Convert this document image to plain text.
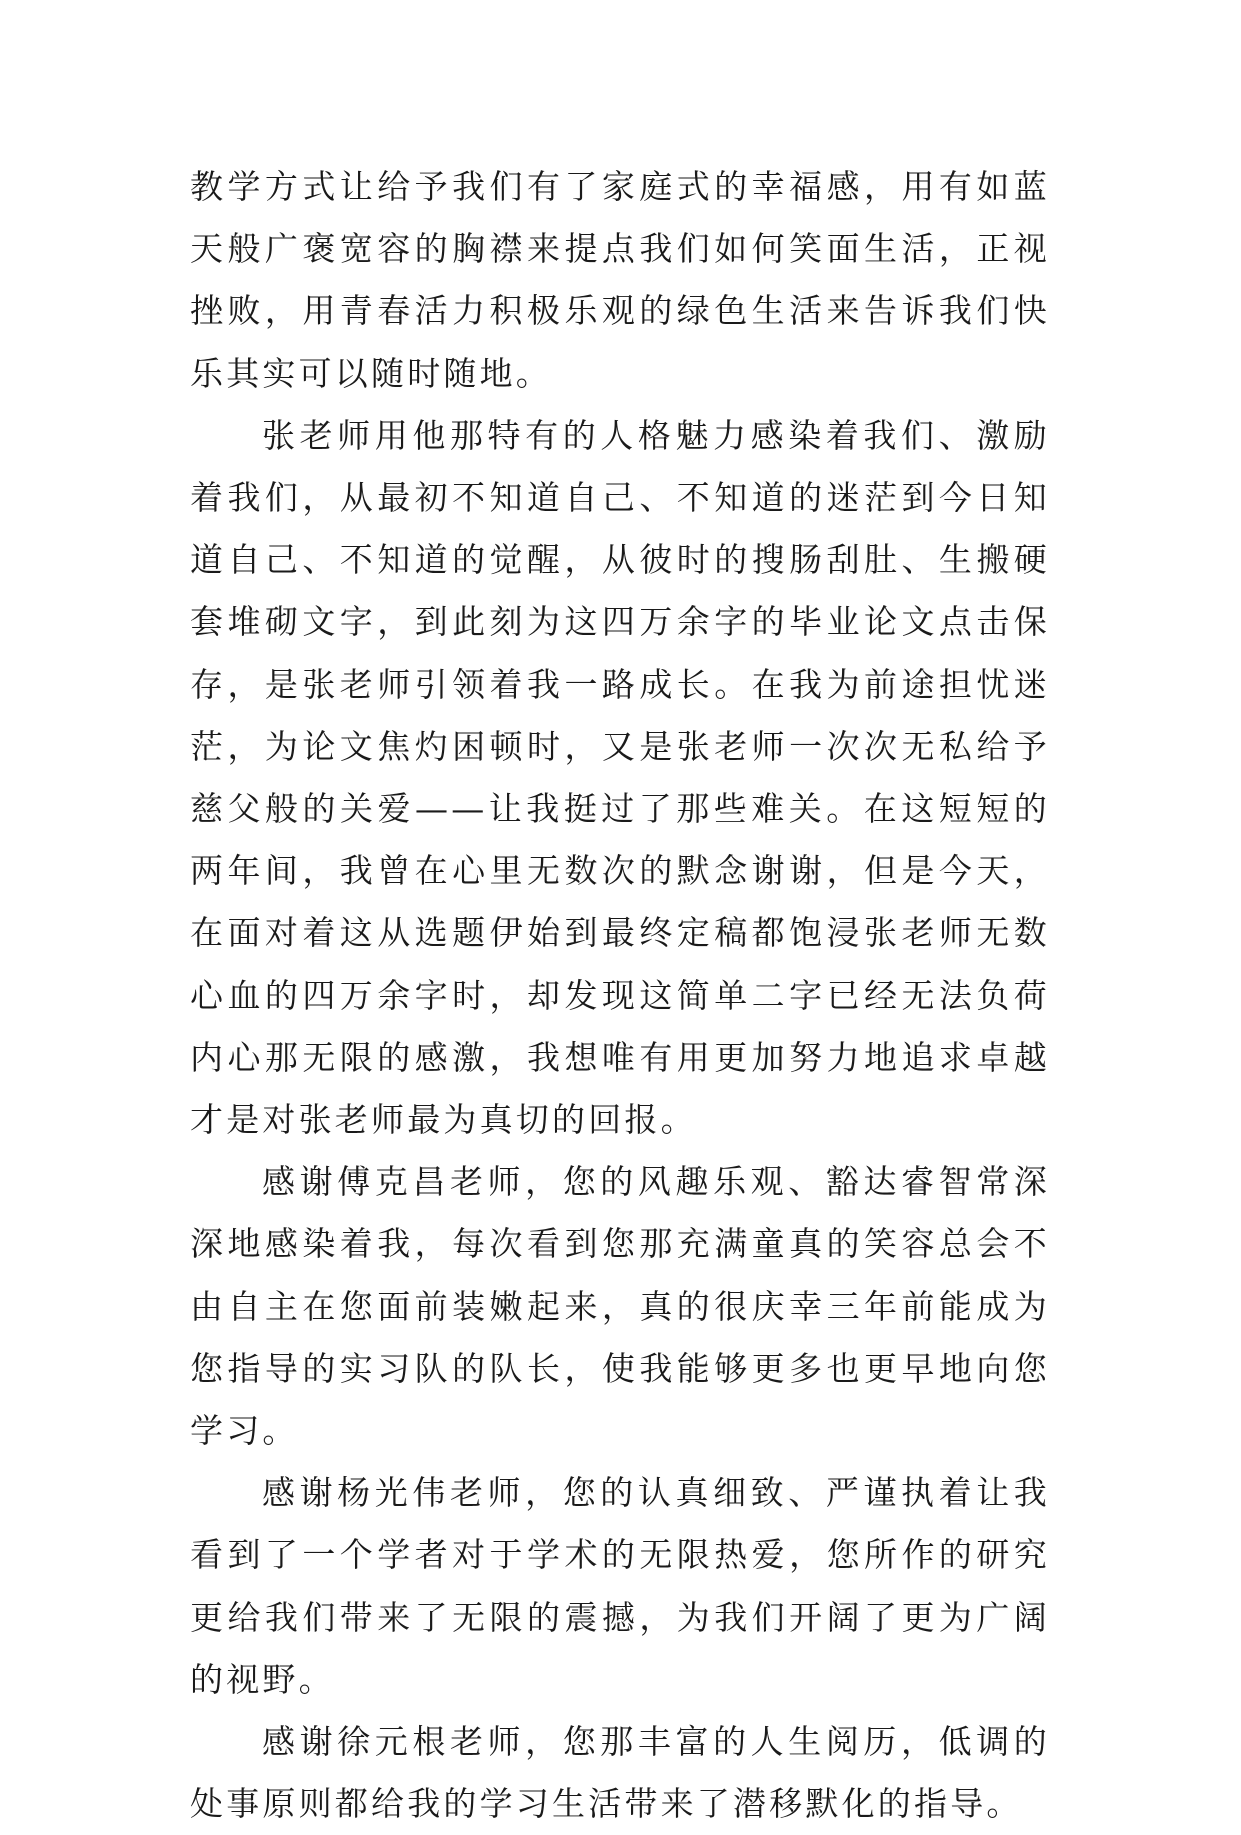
教学方式让给予我们有了家庭式的幸福感，用有如蓝天般广褒宽容的胸襟来提点我们如何笑面生活，正视挫败，用青春活力积极乐观的绿色生活来告诉我们快乐其实可以随时随地。

张老师用他那特有的人格魅力感染着我们、激励着我们，从最初不知道自己、不知道的迷茫到今日知道自己、不知道的觉醒，从彼时的搜肠刮肚、生搬硬套堆砌文字，到此刻为这四万余字的毕业论文点击保存，是张老师引领着我一路成长。在我为前途担忧迷茫，为论文焦灼困顿时，又是张老师一次次无私给予慈父般的关爱——让我挺过了那些难关。在这短短的两年间，我曾在心里无数次的默念谢谢，但是今天，在面对着这从选题伊始到最终定稿都饱浸张老师无数心血的四万余字时，却发现这简单二字已经无法负荷内心那无限的感激，我想唯有用更加努力地追求卓越才是对张老师最为真切的回报。

感谢傅克昌老师，您的风趣乐观、豁达睿智常深深地感染着我，每次看到您那充满童真的笑容总会不由自主在您面前装嫩起来，真的很庆幸三年前能成为您指导的实习队的队长，使我能够更多也更早地向您学习。

感谢杨光伟老师，您的认真细致、严谨执着让我看到了一个学者对于学术的无限热爱，您所作的研究更给我们带来了无限的震撼，为我们开阔了更为广阔的视野。

感谢徐元根老师，您那丰富的人生阅历，低调的处事原则都给我的学习生活带来了潜移默化的指导。
